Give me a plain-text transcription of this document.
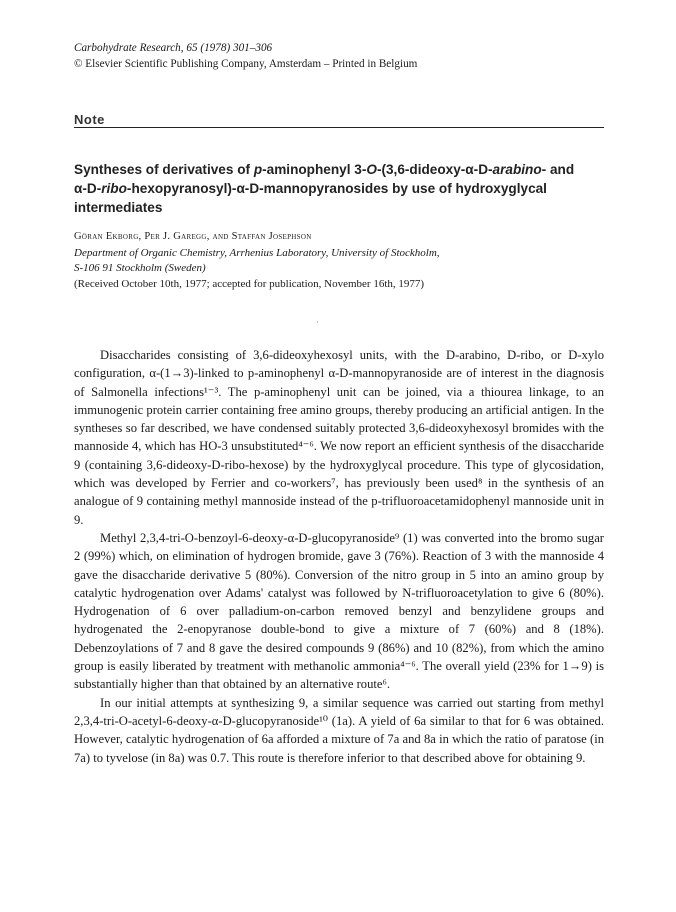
Carbohydrate Research, 65 (1978) 301–306
© Elsevier Scientific Publishing Company, Amsterdam – Printed in Belgium
Note
Syntheses of derivatives of p-aminophenyl 3-O-(3,6-dideoxy-α-D-arabino- and α-D-ribo-hexopyranosyl)-α-D-mannopyranosides by use of hydroxyglycal intermediates
Göran Ekborg, Per J. Garegg, and Staffan Josephson
Department of Organic Chemistry, Arrhenius Laboratory, University of Stockholm,
S-106 91 Stockholm (Sweden)
(Received October 10th, 1977; accepted for publication, November 16th, 1977)
·

Disaccharides consisting of 3,6-dideoxyhexosyl units, with the D-arabino, D-ribo, or D-xylo configuration, α-(1→3)-linked to p-aminophenyl α-D-mannopyranoside are of interest in the diagnosis of Salmonella infections¹⁻³. The p-aminophenyl unit can be joined, via a thiourea linkage, to an immunogenic protein carrier containing free amino groups, thereby producing an artificial antigen. In the syntheses so far described, we have condensed suitably protected 3,6-dideoxyhexosyl bromides with the mannoside 4, which has HO-3 unsubstituted⁴⁻⁶. We now report an efficient synthesis of the disaccharide 9 (containing 3,6-dideoxy-D-ribo-hexose) by the hydroxyglycal procedure. This type of glycosidation, which was developed by Ferrier and co-workers⁷, has previously been used⁸ in the synthesis of an analogue of 9 containing methyl mannoside instead of the p-trifluoroacetamidophenyl mannoside unit in 9.

Methyl 2,3,4-tri-O-benzoyl-6-deoxy-α-D-glucopyranoside⁹ (1) was converted into the bromo sugar 2 (99%) which, on elimination of hydrogen bromide, gave 3 (76%). Reaction of 3 with the mannoside 4 gave the disaccharide derivative 5 (80%). Conversion of the nitro group in 5 into an amino group by catalytic hydrogenation over Adams' catalyst was followed by N-trifluoroacetylation to give 6 (80%). Hydrogenation of 6 over palladium-on-carbon removed benzyl and benzylidene groups and hydrogenated the 2-enopyranose double-bond to give a mixture of 7 (60%) and 8 (18%). Debenzoylations of 7 and 8 gave the desired compounds 9 (86%) and 10 (82%), from which the amino group is easily liberated by treatment with methanolic ammonia⁴⁻⁶. The overall yield (23% for 1→9) is substantially higher than that obtained by an alternative route⁶.

In our initial attempts at synthesizing 9, a similar sequence was carried out starting from methyl 2,3,4-tri-O-acetyl-6-deoxy-α-D-glucopyranoside¹⁰ (1a). A yield of 6a similar to that for 6 was obtained. However, catalytic hydrogenation of 6a afforded a mixture of 7a and 8a in which the ratio of paratose (in 7a) to tyvelose (in 8a) was 0.7. This route is therefore inferior to that described above for obtaining 9.
